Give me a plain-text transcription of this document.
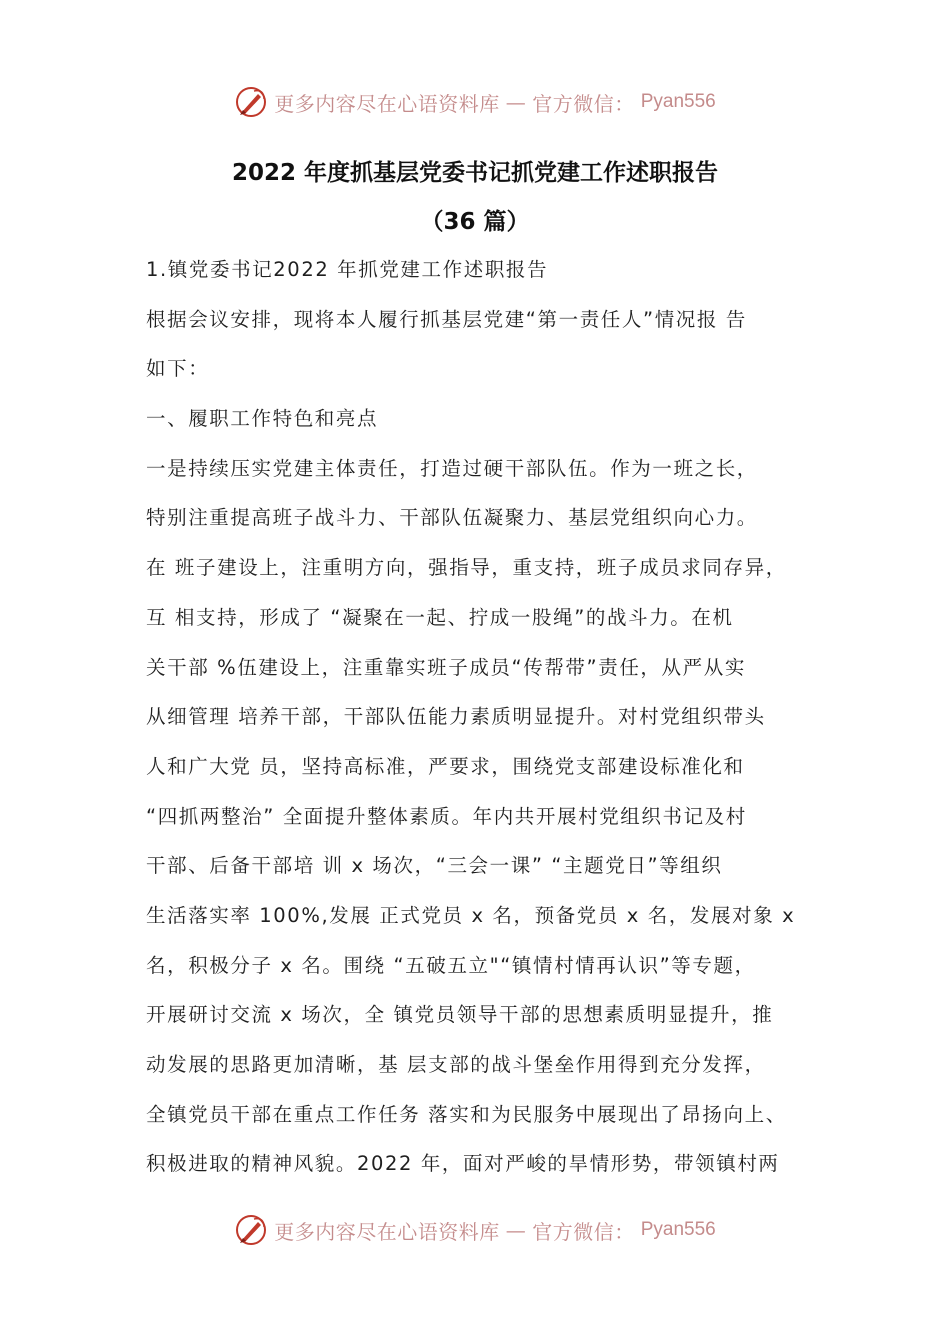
更多内容尽在心语资料库 — 官方微信： Pyan556
2022 年度抓基层党委书记抓党建工作述职报告
（36 篇）
1.镇党委书记2022 年抓党建工作述职报告
根据会议安排，现将本人履行抓基层党建“第一责任人”情况报 告
如下：
一、履职工作特色和亮点
一是持续压实党建主体责任，打造过硬干部队伍。作为一班之长，
特别注重提高班子战斗力、干部队伍凝聚力、基层党组织向心力。
在 班子建设上，注重明方向，强指导，重支持，班子成员求同存异，
互 相支持，形成了 “凝聚在一起、拧成一股绳”的战斗力。在机
关干部 %伍建设上，注重靠实班子成员“传帮带”责任，从严从实
从细管理 培养干部，干部队伍能力素质明显提升。对村党组织带头
人和广大党 员，坚持高标准，严要求，围绕党支部建设标准化和
“四抓两整治” 全面提升整体素质。年内共开展村党组织书记及村
干部、后备干部培 训 x 场次，“三会一课” “主题党日”等组织
生活落实率 100%,发展 正式党员 x 名，预备党员 x 名，发展对象 x
名，积极分子 x 名。围绕 “五破五立"“镇情村情再认识”等专题，
开展研讨交流 x 场次，全 镇党员领导干部的思想素质明显提升，推
动发展的思路更加清晰，基 层支部的战斗堡垒作用得到充分发挥，
全镇党员干部在重点工作任务 落实和为民服务中展现出了昂扬向上、
积极进取的精神风貌。2022 年，面对严峻的旱情形势，带领镇村两
更多内容尽在心语资料库 — 官方微信： Pyan556
